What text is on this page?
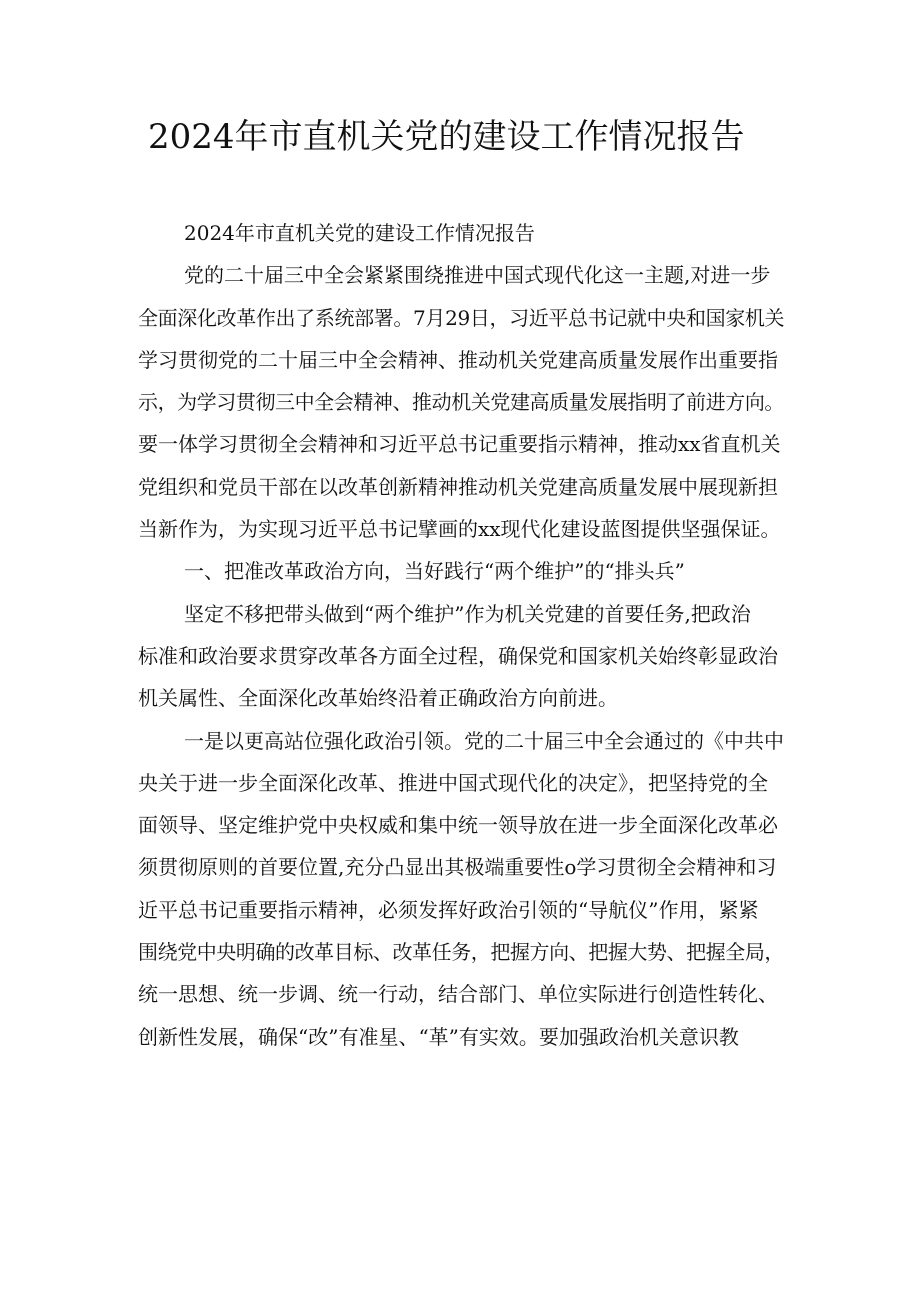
2024年市直机关党的建设工作情况报告
2024年市直机关党的建设工作情况报告
党的二十届三中全会紧紧围绕推进中国式现代化这一主题,对进一步
全面深化改革作出了系统部署。7月29日，习近平总书记就中央和国家机关
学习贯彻党的二十届三中全会精神、推动机关党建高质量发展作出重要指
示，为学习贯彻三中全会精神、推动机关党建高质量发展指明了前进方向。
要一体学习贯彻全会精神和习近平总书记重要指示精神，推动xx省直机关
党组织和党员干部在以改革创新精神推动机关党建高质量发展中展现新担
当新作为，为实现习近平总书记擘画的xx现代化建设蓝图提供坚强保证。
一、把准改革政治方向，当好践行“两个维护”的“排头兵”
坚定不移把带头做到“两个维护”作为机关党建的首要任务,把政治
标准和政治要求贯穿改革各方面全过程，确保党和国家机关始终彰显政治
机关属性、全面深化改革始终沿着正确政治方向前进。
一是以更高站位强化政治引领。党的二十届三中全会通过的《中共中
央关于进一步全面深化改革、推进中国式现代化的决定》，把坚持党的全
面领导、坚定维护党中央权威和集中统一领导放在进一步全面深化改革必
须贯彻原则的首要位置,充分凸显出其极端重要性o学习贯彻全会精神和习
近平总书记重要指示精神，必须发挥好政治引领的“导航仪”作用，紧紧
围绕党中央明确的改革目标、改革任务，把握方向、把握大势、把握全局，
统一思想、统一步调、统一行动，结合部门、单位实际进行创造性转化、
创新性发展，确保“改”有准星、“革”有实效。要加强政治机关意识教
